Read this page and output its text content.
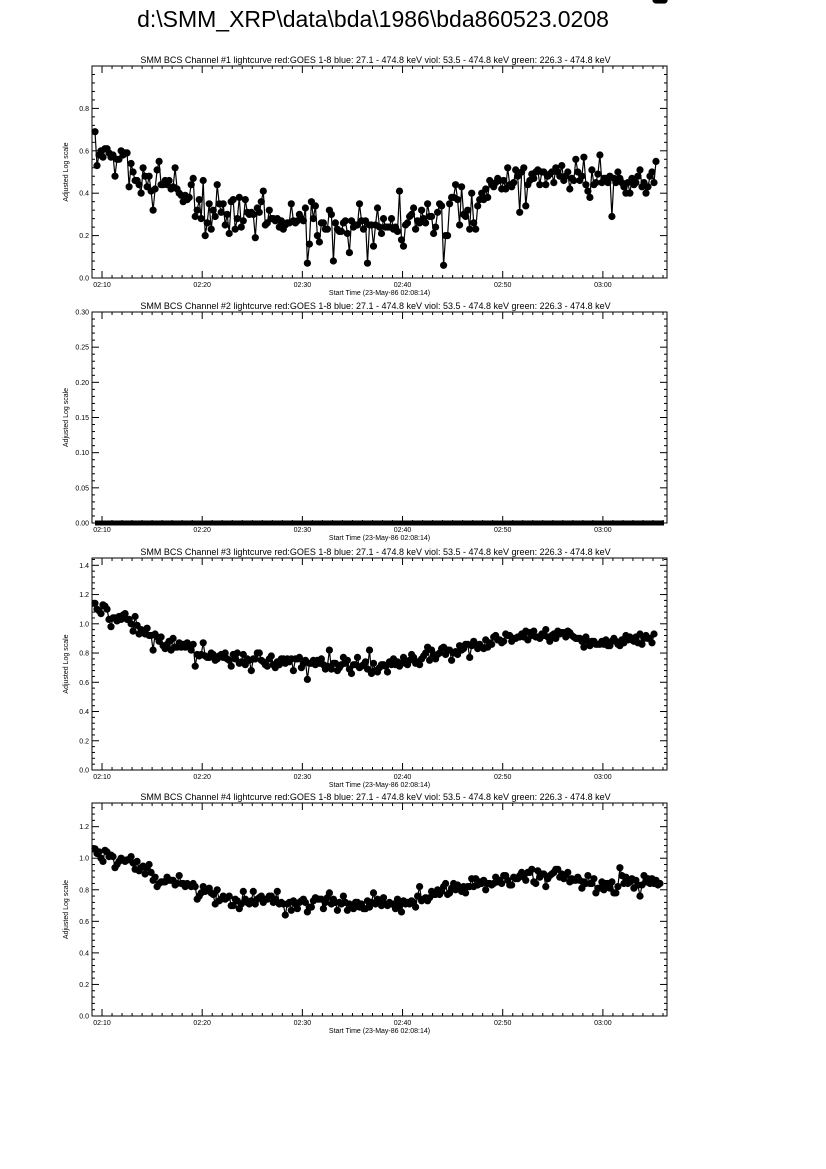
d:\SMM_XRP\data\bda\1986\bda860523.0208
SMM BCS Channel #1 lightcurve red:GOES 1-8 blue: 27.1 - 474.8 keV viol: 53.5 - 474.8 keV green: 226.3 - 474.8 keV
02:10	02:20	02:30	02:40	02:50	03:00
Start Time (23-May-86 02:08:14)
0.0
0.2
0.4
0.6
0.8
Adjusted Log scale
SMM BCS Channel #2 lightcurve red:GOES 1-8 blue: 27.1 - 474.8 keV viol: 53.5 - 474.8 keV green: 226.3 - 474.8 keV
02:10	02:20	02:30	02:40	02:50	03:00
Start Time (23-May-86 02:08:14)
0.00
0.05
0.10
0.15
0.20
0.25
0.30
Adjusted Log scale
SMM BCS Channel #3 lightcurve red:GOES 1-8 blue: 27.1 - 474.8 keV viol: 53.5 - 474.8 keV green: 226.3 - 474.8 keV
02:10	02:20	02:30	02:40	02:50	03:00
Start Time (23-May-86 02:08:14)
0.0
0.2
0.4
0.6
0.8
1.0
1.2
1.4
Adjusted Log scale
SMM BCS Channel #4 lightcurve red:GOES 1-8 blue: 27.1 - 474.8 keV viol: 53.5 - 474.8 keV green: 226.3 - 474.8 keV
02:10	02:20	02:30	02:40	02:50	03:00
Start Time (23-May-86 02:08:14)
0.0
0.2
0.4
0.6
0.8
1.0
1.2
Adjusted Log scale
